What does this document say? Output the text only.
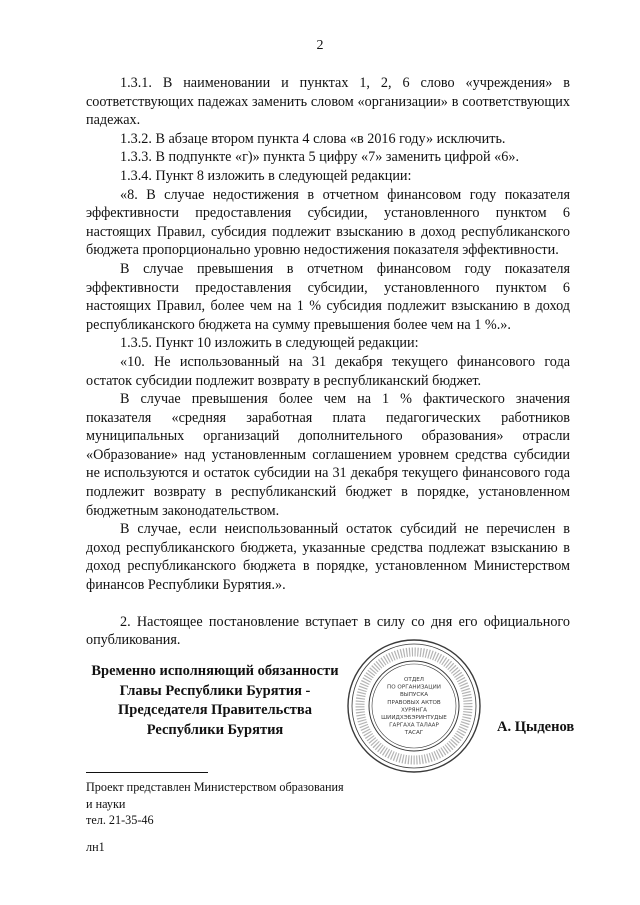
2

1.3.1. В наименовании и пунктах 1, 2, 6 слово «учреждения» в соответствующих падежах заменить словом «организации» в соответствующих падежах.

1.3.2. В абзаце втором пункта 4 слова «в 2016 году» исключить.

1.3.3. В подпункте «г)» пункта 5 цифру «7» заменить цифрой «6».

1.3.4. Пункт 8 изложить в следующей редакции:

«8. В случае недостижения в отчетном финансовом году показателя эффективности предоставления субсидии, установленного пунктом 6 настоящих Правил, субсидия подлежит взысканию в доход республиканского бюджета пропорционально уровню недостижения показателя эффективности.

В случае превышения в отчетном финансовом году показателя эффективности предоставления субсидии, установленного пунктом 6 настоящих Правил, более чем на 1 % субсидия подлежит взысканию в доход республиканского бюджета на сумму превышения более чем на 1 %.».

1.3.5. Пункт 10 изложить в следующей редакции:

«10. Не использованный на 31 декабря текущего финансового года остаток субсидии подлежит возврату в республиканский бюджет.

В случае превышения более чем на 1 % фактического значения показателя «средняя заработная плата педагогических работников муниципальных организаций дополнительного образования» отрасли «Образование» над установленным соглашением уровнем средства субсидии не используются и остаток субсидии на 31 декабря текущего финансового года подлежит возврату в республиканский бюджет в порядке, установленном бюджетным законодательством.

В случае, если неиспользованный остаток субсидий не перечислен в доход республиканского бюджета, указанные средства подлежат взысканию в доход республиканского бюджета в порядке, установленном Министерством финансов Республики Бурятия.».

2. Настоящее постановление вступает в силу со дня его официального опубликования.

Временно исполняющий обязанности
Главы Республики Бурятия -
Председателя Правительства
Республики Бурятия
ОТДЕЛ
ПО ОРГАНИЗАЦИИ
ВЫПУСКА
ПРАВОВЫХ АКТОВ
ХУРЯНГА
ШИИДХЭБЭРИНТУДЫЕ
ГАРГАХА ТАЛААР
ТАСАГ	А. Цыденов
Проект представлен Министерством образования
и науки
тел. 21-35-46
лн1
